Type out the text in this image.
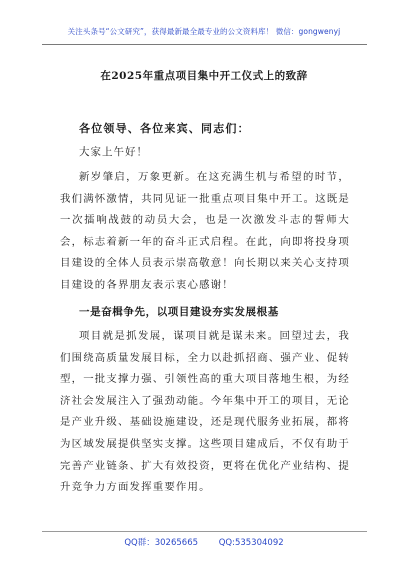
关注头条号“公文研究”，获得最新最全最专业的公文资料库！ 微信：gongwenyj
在2025年重点项目集中开工仪式上的致辞
各位领导、各位来宾、同志们：
大家上午好！

新岁肇启，万象更新。在这充满生机与希望的时节，我们满怀激情，共同见证一批重点项目集中开工。这既是一次擂响战鼓的动员大会，也是一次激发斗志的誓师大会，标志着新一年的奋斗正式启程。在此，向即将投身项目建设的全体人员表示崇高敬意！向长期以来关心支持项目建设的各界朋友表示衷心感谢！

一是奋楫争先，以项目建设夯实发展根基

项目就是抓发展，谋项目就是谋未来。回望过去，我们围绕高质量发展目标，全力以赴抓招商、强产业、促转型，一批支撑力强、引领性高的重大项目落地生根，为经济社会发展注入了强劲动能。今年集中开工的项目，无论是产业升级、基础设施建设，还是现代服务业拓展，都将为区域发展提供坚实支撑。这些项目建成后，不仅有助于完善产业链条、扩大有效投资，更将在优化产业结构、提升竞争力方面发挥重要作用。

QQ群：30265665 QQ:535304092
